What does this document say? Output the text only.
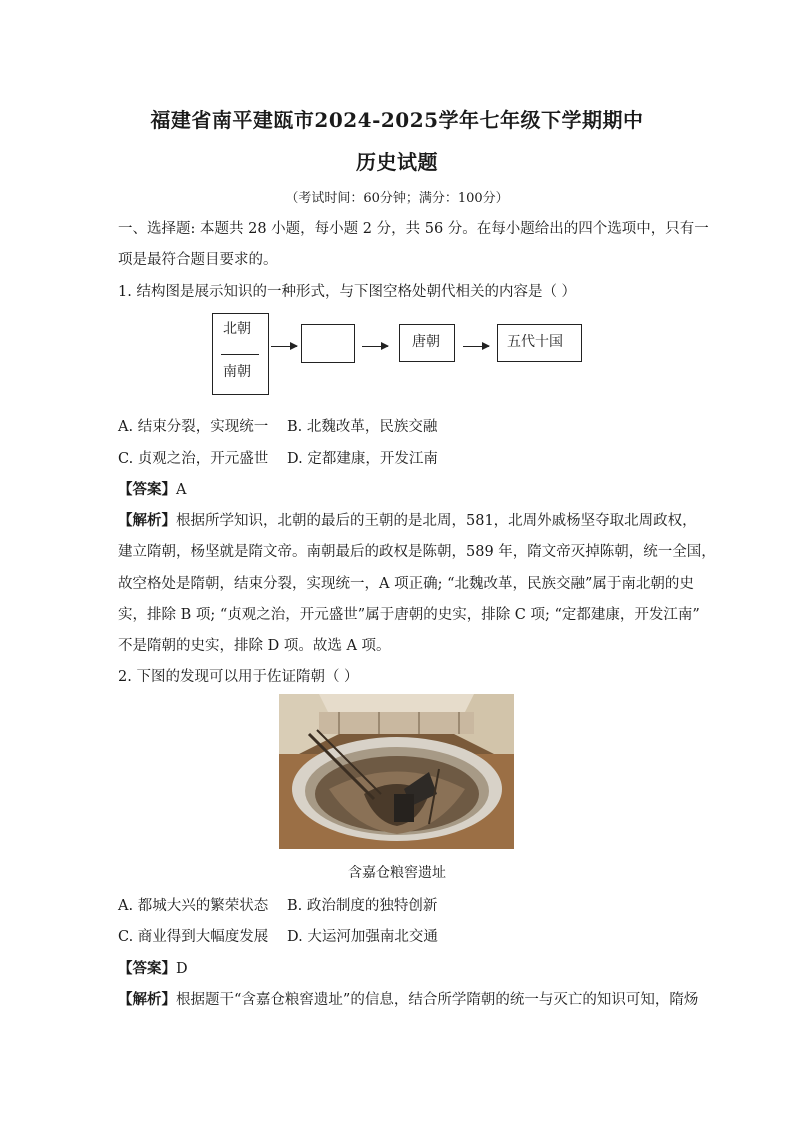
福建省南平建瓯市2024-2025学年七年级下学期期中
历史试题
（考试时间：60分钟；满分：100分）
一、选择题: 本题共 28 小题，每小题 2 分，共 56 分。在每小题给出的四个选项中，只有一
项是最符合题目要求的。
1. 结构图是展示知识的一种形式，与下图空格处朝代相关的内容是（ ）
北朝
南朝
唐朝	五代十国
A. 结束分裂，实现统一 B. 北魏改革，民族交融
C. 贞观之治，开元盛世 D. 定都建康，开发江南
【答案】A
【解析】根据所学知识，北朝的最后的王朝的是北周，581，北周外戚杨坚夺取北周政权，
建立隋朝，杨坚就是隋文帝。南朝最后的政权是陈朝，589 年，隋文帝灭掉陈朝，统一全国，
故空格处是隋朝，结束分裂，实现统一，A 项正确; “北魏改革，民族交融”属于南北朝的史
实，排除 B 项; “贞观之治，开元盛世”属于唐朝的史实，排除 C 项; “定都建康，开发江南”
不是隋朝的史实，排除 D 项。故选 A 项。
2. 下图的发现可以用于佐证隋朝（ ）
含嘉仓粮窖遗址
A. 都城大兴的繁荣状态 B. 政治制度的独特创新
C. 商业得到大幅度发展 D. 大运河加强南北交通
【答案】D
【解析】根据题干“含嘉仓粮窖遗址”的信息，结合所学隋朝的统一与灭亡的知识可知，隋炀
